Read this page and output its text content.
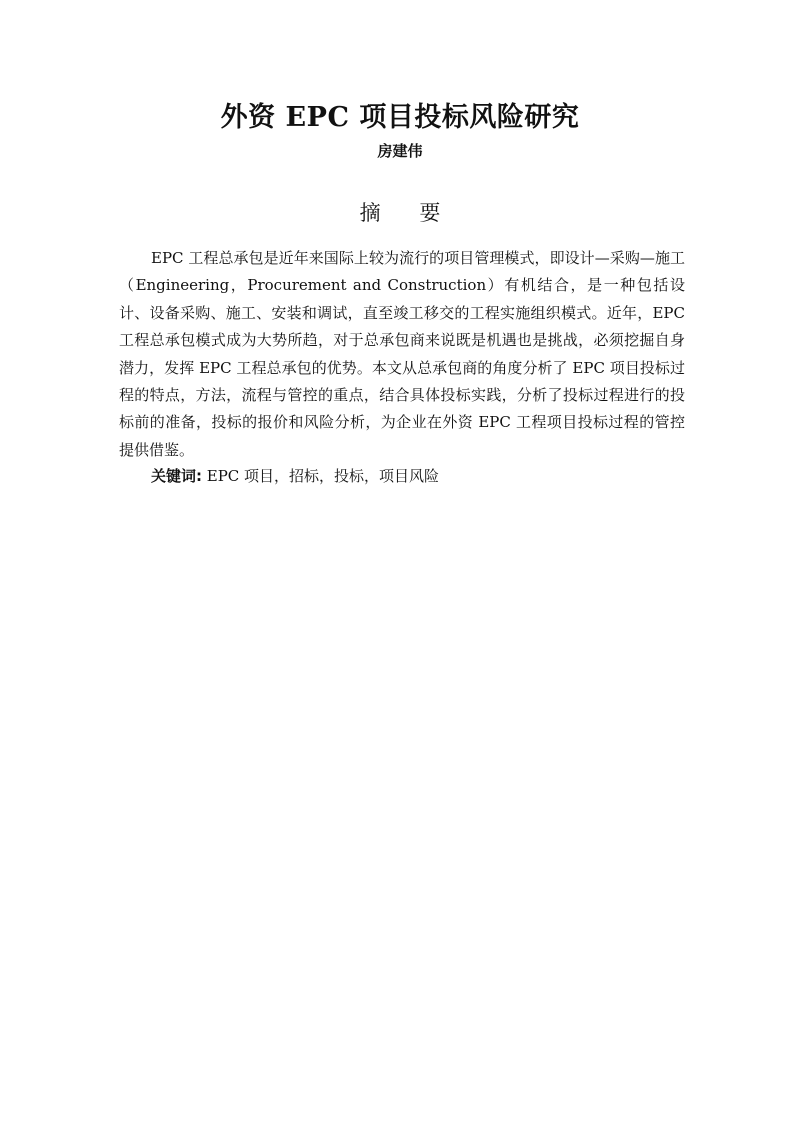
外资 EPC 项目投标风险研究
房建伟
摘 要

EPC 工程总承包是近年来国际上较为流行的项目管理模式，即设计—采购—施工（Engineering，Procurement and Construction）有机结合，是一种包括设计、设备采购、施工、安装和调试，直至竣工移交的工程实施组织模式。近年，EPC 工程总承包模式成为大势所趋，对于总承包商来说既是机遇也是挑战，必须挖掘自身潜力，发挥 EPC 工程总承包的优势。本文从总承包商的角度分析了 EPC 项目投标过程的特点，方法，流程与管控的重点，结合具体投标实践，分析了投标过程进行的投标前的准备，投标的报价和风险分析，为企业在外资 EPC 工程项目投标过程的管控提供借鉴。

关键词: EPC 项目，招标，投标，项目风险
